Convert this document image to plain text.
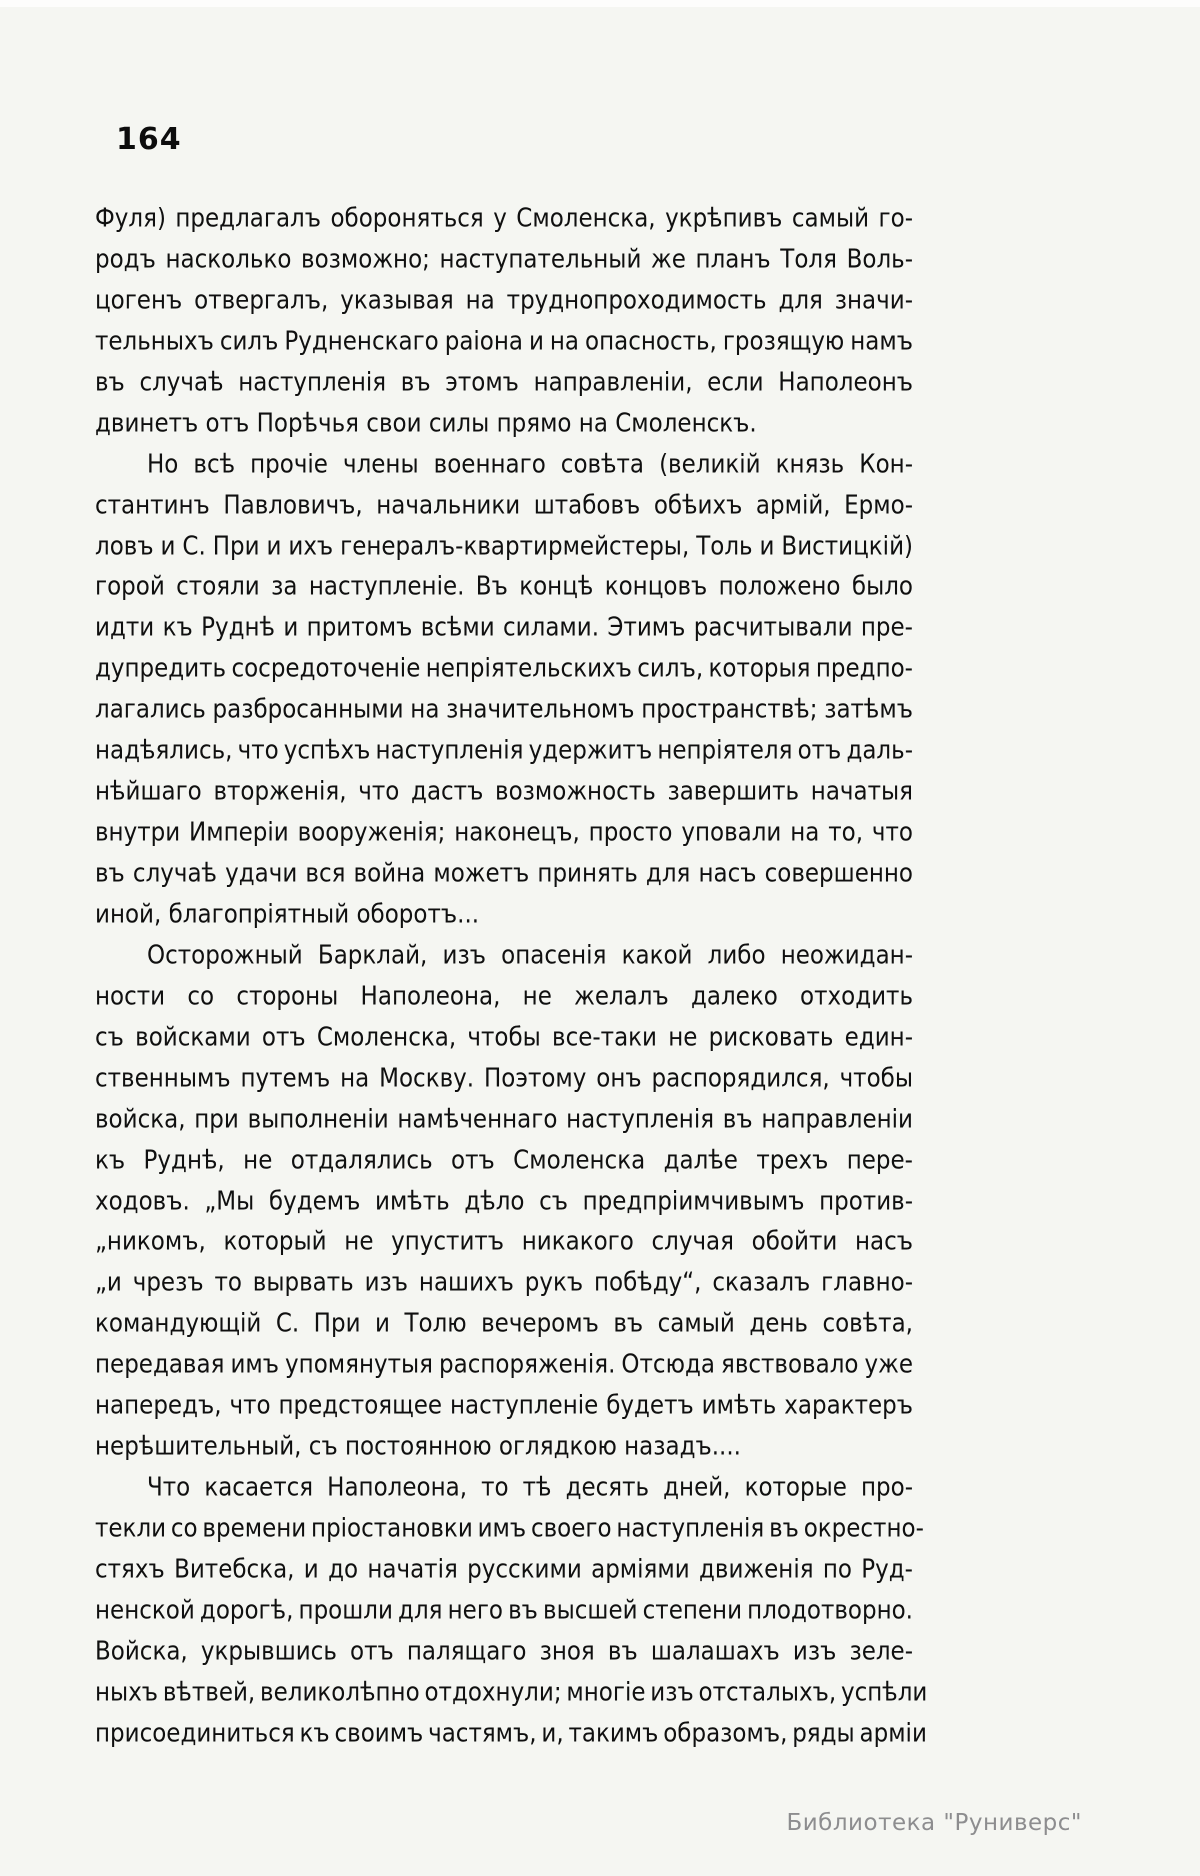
164
Фуля) предлагалъ обороняться у Смоленска, укрѣпивъ самый го-
родъ насколько возможно; наступательный же планъ Толя Воль-
цогенъ отвергалъ, указывая на труднопроходимость для значи-
тельныхъ силъ Рудненскаго раіона и на опасность, грозящую намъ
въ случаѣ наступленія въ этомъ направленіи, если Наполеонъ
двинетъ отъ Порѣчья свои силы прямо на Смоленскъ.
Но всѣ прочіе члены военнаго совѣта (великій князь Кон-
стантинъ Павловичъ, начальники штабовъ обѣихъ армій, Ермо-
ловъ и С. При и ихъ генералъ-квартирмейстеры, Толь и Вистицкій)
горой стояли за наступленіе. Въ концѣ концовъ положено было
идти къ Руднѣ и притомъ всѣми силами. Этимъ расчитывали пре-
дупредить сосредоточеніе непріятельскихъ силъ, которыя предпо-
лагались разбросанными на значительномъ пространствѣ; затѣмъ
надѣялись, что успѣхъ наступленія удержитъ непріятеля отъ даль-
нѣйшаго вторженія, что дастъ возможность завершить начатыя
внутри Имперіи вооруженія; наконецъ, просто уповали на то, что
въ случаѣ удачи вся война можетъ принять для насъ совершенно
иной, благопріятный оборотъ...
Осторожный Барклай, изъ опасенія какой либо неожидан-
ности со стороны Наполеона, не желалъ далеко отходить
съ войсками отъ Смоленска, чтобы все-таки не рисковать един-
ственнымъ путемъ на Москву. Поэтому онъ распорядился, чтобы
войска, при выполненіи намѣченнаго наступленія въ направленіи
къ Руднѣ, не отдалялись отъ Смоленска далѣе трехъ пере-
ходовъ. „Мы будемъ имѣть дѣло съ предпріимчивымъ против-
„никомъ, который не упуститъ никакого случая обойти насъ
„и чрезъ то вырвать изъ нашихъ рукъ побѣду“, сказалъ главно-
командующій С. При и Толю вечеромъ въ самый день совѣта,
передавая имъ упомянутыя распоряженія. Отсюда явствовало уже
напередъ, что предстоящее наступленіе будетъ имѣть характеръ
нерѣшительный, съ постоянною оглядкою назадъ....
Что касается Наполеона, то тѣ десять дней, которые про-
текли со времени пріостановки имъ своего наступленія въ окрестно-
стяхъ Витебска, и до начатія русскими арміями движенія по Руд-
ненской дорогѣ, прошли для него въ высшей степени плодотворно.
Войска, укрывшись отъ палящаго зноя въ шалашахъ изъ зеле-
ныхъ вѣтвей, великолѣпно отдохнули; многіе изъ отсталыхъ, успѣли
присоединиться къ своимъ частямъ, и, такимъ образомъ, ряды арміи
Библиотека "Руниверс"
